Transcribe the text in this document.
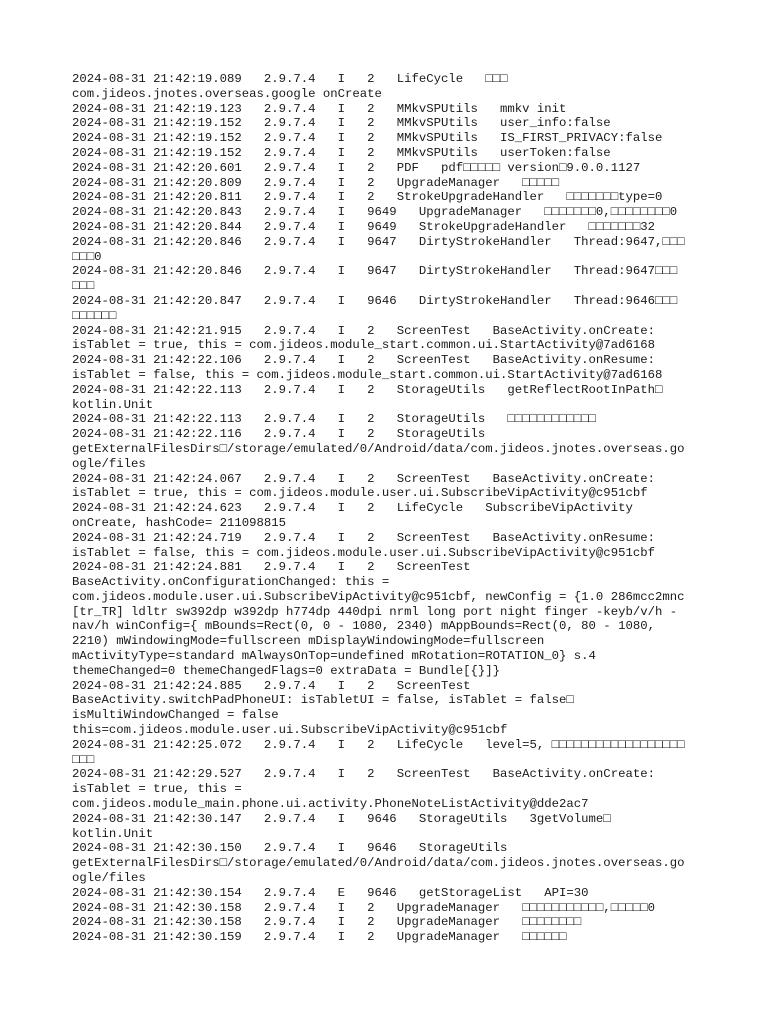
2024-08-31 21:42:19.089   2.9.7.4   I   2   LifeCycle   □□□
com.jideos.jnotes.overseas.google onCreate
2024-08-31 21:42:19.123   2.9.7.4   I   2   MMkvSPUtils   mmkv init
2024-08-31 21:42:19.152   2.9.7.4   I   2   MMkvSPUtils   user_info:false
2024-08-31 21:42:19.152   2.9.7.4   I   2   MMkvSPUtils   IS_FIRST_PRIVACY:false
2024-08-31 21:42:19.152   2.9.7.4   I   2   MMkvSPUtils   userToken:false
2024-08-31 21:42:20.601   2.9.7.4   I   2   PDF   pdf□□□□□ version□9.0.0.1127
2024-08-31 21:42:20.809   2.9.7.4   I   2   UpgradeManager   □□□□□
2024-08-31 21:42:20.811   2.9.7.4   I   2   StrokeUpgradeHandler   □□□□□□□type=0
2024-08-31 21:42:20.843   2.9.7.4   I   9649   UpgradeManager   □□□□□□□0,□□□□□□□□0
2024-08-31 21:42:20.844   2.9.7.4   I   9649   StrokeUpgradeHandler   □□□□□□□32
2024-08-31 21:42:20.846   2.9.7.4   I   9647   DirtyStrokeHandler   Thread:9647,□□□
□□□0
2024-08-31 21:42:20.846   2.9.7.4   I   9647   DirtyStrokeHandler   Thread:9647□□□
□□□
2024-08-31 21:42:20.847   2.9.7.4   I   9646   DirtyStrokeHandler   Thread:9646□□□
□□□□□□
2024-08-31 21:42:21.915   2.9.7.4   I   2   ScreenTest   BaseActivity.onCreate:
isTablet = true, this = com.jideos.module_start.common.ui.StartActivity@7ad6168
2024-08-31 21:42:22.106   2.9.7.4   I   2   ScreenTest   BaseActivity.onResume:
isTablet = false, this = com.jideos.module_start.common.ui.StartActivity@7ad6168
2024-08-31 21:42:22.113   2.9.7.4   I   2   StorageUtils   getReflectRootInPath□
kotlin.Unit
2024-08-31 21:42:22.113   2.9.7.4   I   2   StorageUtils   □□□□□□□□□□□□
2024-08-31 21:42:22.116   2.9.7.4   I   2   StorageUtils
getExternalFilesDirs□/storage/emulated/0/Android/data/com.jideos.jnotes.overseas.go
ogle/files
2024-08-31 21:42:24.067   2.9.7.4   I   2   ScreenTest   BaseActivity.onCreate:
isTablet = true, this = com.jideos.module.user.ui.SubscribeVipActivity@c951cbf
2024-08-31 21:42:24.623   2.9.7.4   I   2   LifeCycle   SubscribeVipActivity
onCreate, hashCode= 211098815
2024-08-31 21:42:24.719   2.9.7.4   I   2   ScreenTest   BaseActivity.onResume:
isTablet = false, this = com.jideos.module.user.ui.SubscribeVipActivity@c951cbf
2024-08-31 21:42:24.881   2.9.7.4   I   2   ScreenTest
BaseActivity.onConfigurationChanged: this =
com.jideos.module.user.ui.SubscribeVipActivity@c951cbf, newConfig = {1.0 286mcc2mnc
[tr_TR] ldltr sw392dp w392dp h774dp 440dpi nrml long port night finger -keyb/v/h -
nav/h winConfig={ mBounds=Rect(0, 0 - 1080, 2340) mAppBounds=Rect(0, 80 - 1080,
2210) mWindowingMode=fullscreen mDisplayWindowingMode=fullscreen
mActivityType=standard mAlwaysOnTop=undefined mRotation=ROTATION_0} s.4
themeChanged=0 themeChangedFlags=0 extraData = Bundle[{}]}
2024-08-31 21:42:24.885   2.9.7.4   I   2   ScreenTest
BaseActivity.switchPadPhoneUI: isTabletUI = false, isTablet = false□
isMultiWindowChanged = false
this=com.jideos.module.user.ui.SubscribeVipActivity@c951cbf
2024-08-31 21:42:25.072   2.9.7.4   I   2   LifeCycle   level=5, □□□□□□□□□□□□□□□□□□
□□□
2024-08-31 21:42:29.527   2.9.7.4   I   2   ScreenTest   BaseActivity.onCreate:
isTablet = true, this =
com.jideos.module_main.phone.ui.activity.PhoneNoteListActivity@dde2ac7
2024-08-31 21:42:30.147   2.9.7.4   I   9646   StorageUtils   3getVolume□
kotlin.Unit
2024-08-31 21:42:30.150   2.9.7.4   I   9646   StorageUtils
getExternalFilesDirs□/storage/emulated/0/Android/data/com.jideos.jnotes.overseas.go
ogle/files
2024-08-31 21:42:30.154   2.9.7.4   E   9646   getStorageList   API=30
2024-08-31 21:42:30.158   2.9.7.4   I   2   UpgradeManager   □□□□□□□□□□□,□□□□□0
2024-08-31 21:42:30.158   2.9.7.4   I   2   UpgradeManager   □□□□□□□□
2024-08-31 21:42:30.159   2.9.7.4   I   2   UpgradeManager   □□□□□□
